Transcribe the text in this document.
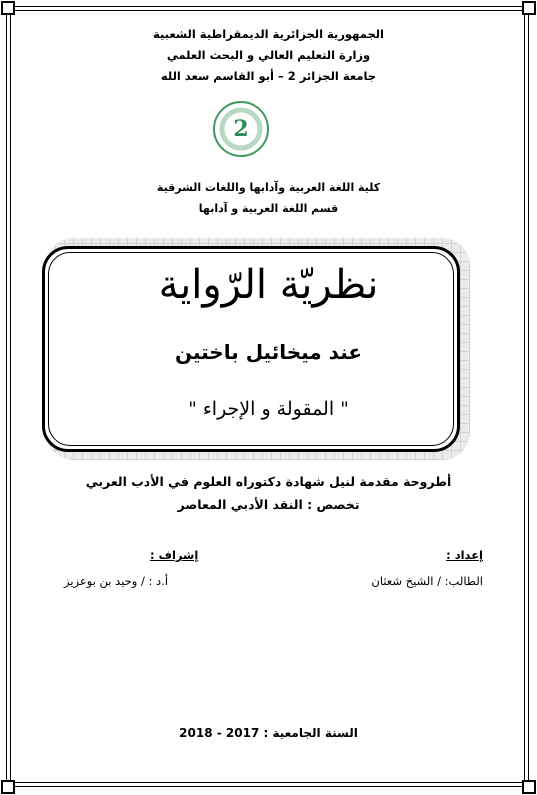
الجمهورية الجزائرية الديمقراطية الشعبية
وزارة التعليم العالي و البحث العلمي
جامعة الجزائر 2 – أبو القاسم سعد الله
2
كلية اللغة العربية وآدابها واللغات الشرقية
قسم اللغة العربية و آدابها
نظريّة الرّواية
عند ميخائيل باختين
" المقولة و الإجراء "
أطروحة مقدمة لنيل شهادة دكتوراه العلوم في الأدب العربي
تخصص : النقد الأدبي المعاصر
إعداد :
الطالب: / الشيخ شعثان
إشراف :
أ.د : / وحيد بن بوعزيز
السنة الجامعية : 2017 - 2018
